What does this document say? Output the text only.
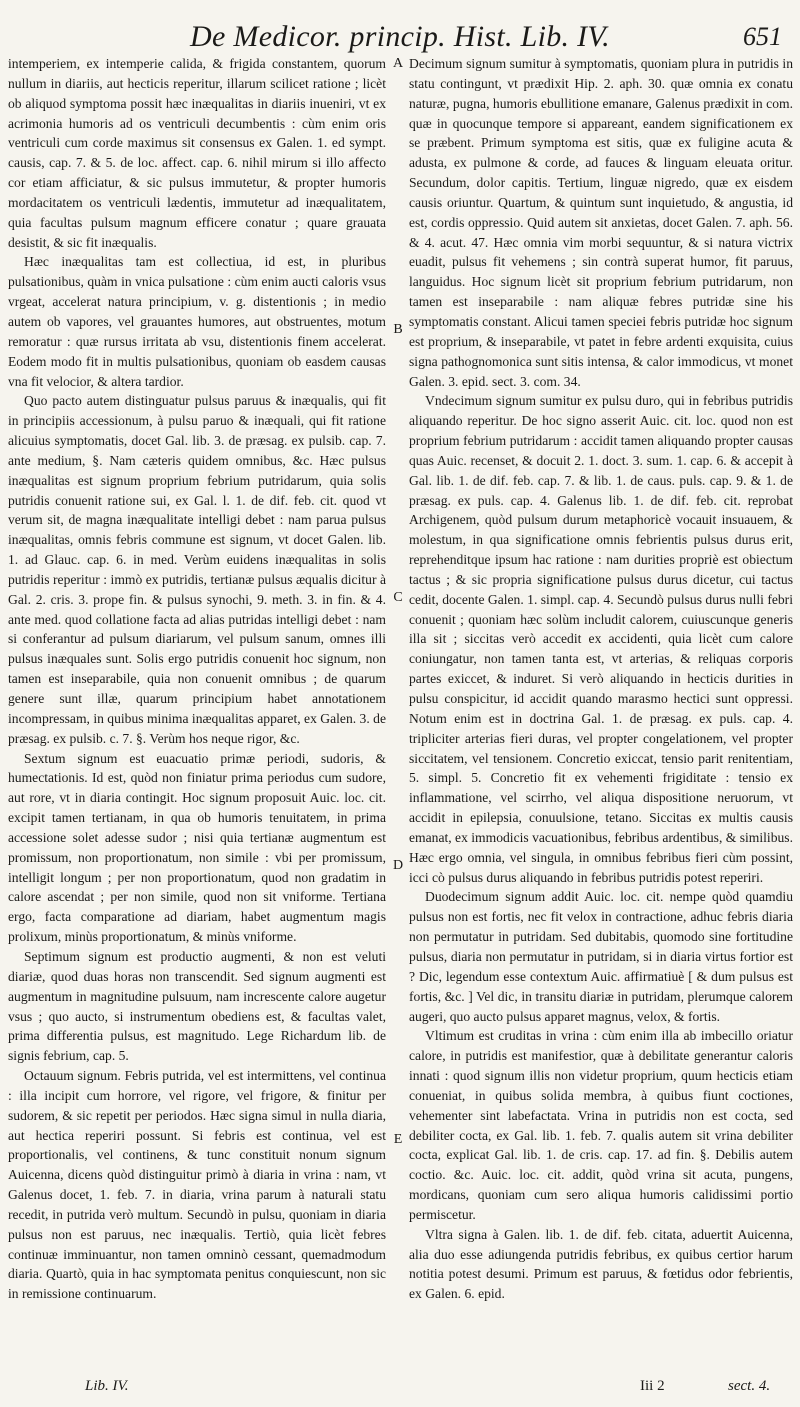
De Medicor. princip. Hist. Lib. IV.	651

intemperiem, ex intemperie calida, & frigida constantem, quorum nullum in diariis, aut hecticis reperitur, illarum scilicet ratione ; licèt ob aliquod symptoma possit hæc inæqualitas in diariis inueniri, vt ex acrimonia humoris ad os ventriculi decumbentis : cùm enim oris ventriculi cum corde maximus sit consensus ex Galen. 1. ed sympt. causis, cap. 7. & 5. de loc. affect. cap. 6. nihil mirum si illo affecto cor etiam afficiatur, & sic pulsus immutetur, & propter humoris mordacitatem os ventriculi lædentis, immutetur ad inæqualitatem, quia facultas pulsum magnum efficere conatur ; quare grauata desistit, & sic fit inæqualis.

Hæc inæqualitas tam est collectiua, id est, in pluribus pulsationibus, quàm in vnica pulsatione : cùm enim aucti caloris vsus vrgeat, accelerat natura principium, v. g. distentionis ; in medio autem ob vapores, vel grauantes humores, aut obstruentes, motum remoratur : quæ rursus irritata ab vsu, distentionis finem accelerat. Eodem modo fit in multis pulsationibus, quoniam ob easdem causas vna fit velocior, & altera tardior.

Quo pacto autem distinguatur pulsus paruus & inæqualis, qui fit in principiis accessionum, à pulsu paruo & inæquali, qui fit ratione alicuius symptomatis, docet Gal. lib. 3. de præsag. ex pulsib. cap. 7. ante medium, §. Nam cæteris quidem omnibus, &c. Hæc pulsus inæqualitas est signum proprium febrium putridarum, quia solis putridis conuenit ratione sui, ex Gal. l. 1. de dif. feb. cit. quod vt verum sit, de magna inæqualitate intelligi debet : nam parua pulsus inæqualitas, omnis febris commune est signum, vt docet Galen. lib. 1. ad Glauc. cap. 6. in med. Verùm euidens inæqualitas in solis putridis reperitur : immò ex putridis, tertianæ pulsus æqualis dicitur à Gal. 2. cris. 3. prope fin. & pulsus synochi, 9. meth. 3. in fin. & 4. ante med. quod collatione facta ad alias putridas intelligi debet : nam si conferantur ad pulsum diariarum, vel pulsum sanum, omnes illi pulsus inæquales sunt. Solis ergo putridis conuenit hoc signum, non tamen est inseparabile, quia non conuenit omnibus ; de quarum genere sunt illæ, quarum principium habet annotationem incompressam, in quibus minima inæqualitas apparet, ex Galen. 3. de præsag. ex pulsib. c. 7. §. Verùm hos neque rigor, &c.

Sextum signum est euacuatio primæ periodi, sudoris, & humectationis. Id est, quòd non finiatur prima periodus cum sudore, aut rore, vt in diaria contingit. Hoc signum proposuit Auic. loc. cit. excipit tamen tertianam, in qua ob humoris tenuitatem, in prima accessione solet adesse sudor ; nisi quia tertianæ augmentum est promissum, non proportionatum, non simile : vbi per promissum, intelligit longum ; per non proportionatum, quod non gradatim in calore ascendat ; per non simile, quod non sit vniforme. Tertiana ergo, facta comparatione ad diariam, habet augmentum magis prolixum, minùs proportionatum, & minùs vniforme.

Septimum signum est productio augmenti, & non est veluti diariæ, quod duas horas non transcendit. Sed signum augmenti est augmentum in magnitudine pulsuum, nam increscente calore augetur vsus ; quo aucto, si instrumentum obediens est, & facultas valet, prima differentia pulsus, est magnitudo. Lege Richardum lib. de signis febrium, cap. 5.

Octauum signum. Febris putrida, vel est intermittens, vel continua : illa incipit cum horrore, vel rigore, vel frigore, & finitur per sudorem, & sic repetit per periodos. Hæc signa simul in nulla diaria, aut hectica reperiri possunt. Si febris est continua, vel est proportionalis, vel continens, & tunc constituit nonum signum Auicenna, dicens quòd distinguitur primò à diaria in vrina : nam, vt Galenus docet, 1. feb. 7. in diaria, vrina parum à naturali statu recedit, in putrida verò multum. Secundò in pulsu, quoniam in diaria pulsus non est paruus, nec inæqualis. Tertiò, quia licèt febres continuæ imminuantur, non tamen omninò cessant, quemadmodum diaria. Quartò, quia in hac symptomata penitus conquiescunt, non sic in remissione continuarum.

A
B
C
D
E

Decimum signum sumitur à symptomatis, quoniam plura in putridis in statu contingunt, vt prædixit Hip. 2. aph. 30. quæ omnia ex conatu naturæ, pugna, humoris ebullitione emanare, Galenus prædixit in com. quæ in quocunque tempore si appareant, eandem significationem ex se præbent. Primum symptoma est sitis, quæ ex fuligine acuta & adusta, ex pulmone & corde, ad fauces & linguam eleuata oritur. Secundum, dolor capitis. Tertium, linguæ nigredo, quæ ex eisdem causis oriuntur. Quartum, & quintum sunt inquietudo, & angustia, id est, cordis oppressio. Quid autem sit anxietas, docet Galen. 7. aph. 56. & 4. acut. 47. Hæc omnia vim morbi sequuntur, & si natura victrix euadit, pulsus fit vehemens ; sin contrà superat humor, fit paruus, languidus. Hoc signum licèt sit proprium febrium putridarum, non tamen est inseparabile : nam aliquæ febres putridæ sine his symptomatis constant. Alicui tamen speciei febris putridæ hoc signum est proprium, & inseparabile, vt patet in febre ardenti exquisita, cuius signa pathognomonica sunt sitis intensa, & calor immodicus, vt monet Galen. 3. epid. sect. 3. com. 34.

Vndecimum signum sumitur ex pulsu duro, qui in febribus putridis aliquando reperitur. De hoc signo asserit Auic. cit. loc. quod non est proprium febrium putridarum : accidit tamen aliquando propter causas quas Auic. recenset, & docuit 2. 1. doct. 3. sum. 1. cap. 6. & accepit à Gal. lib. 1. de dif. feb. cap. 7. & lib. 1. de caus. puls. cap. 9. & 1. de præsag. ex puls. cap. 4. Galenus lib. 1. de dif. feb. cit. reprobat Archigenem, quòd pulsum durum metaphoricè vocauit insuauem, & molestum, in qua significatione omnis febrientis pulsus durus erit, reprehenditque ipsum hac ratione : nam durities propriè est obiectum tactus ; & sic propria significatione pulsus durus dicetur, cui tactus cedit, docente Galen. 1. simpl. cap. 4. Secundò pulsus durus nulli febri conuenit ; quoniam hæc solùm includit calorem, cuiuscunque generis illa sit ; siccitas verò accedit ex accidenti, quia licèt cum calore coniungatur, non tamen tanta est, vt arterias, & reliquas corporis partes exiccet, & induret. Si verò aliquando in hecticis durities in pulsu conspicitur, id accidit quando marasmo hectici sunt oppressi. Notum enim est in doctrina Gal. 1. de præsag. ex puls. cap. 4. tripliciter arterias fieri duras, vel propter congelationem, vel propter siccitatem, vel tensionem. Concretio exiccat, tensio parit renitentiam, 5. simpl. 5. Concretio fit ex vehementi frigiditate : tensio ex inflammatione, vel scirrho, vel aliqua dispositione neruorum, vt accidit in epilepsia, conuulsione, tetano. Siccitas ex multis causis emanat, ex immodicis vacuationibus, febribus ardentibus, & similibus. Hæc ergo omnia, vel singula, in omnibus febribus fieri cùm possint, icci cò pulsus durus aliquando in febribus putridis potest reperiri.

Duodecimum signum addit Auic. loc. cit. nempe quòd quamdiu pulsus non est fortis, nec fit velox in contractione, adhuc febris diaria non permutatur in putridam. Sed dubitabis, quomodo sine fortitudine pulsus, diaria non permutatur in putridam, si in diaria virtus fortior est ? Dic, legendum esse contextum Auic. affirmatiuè [ & dum pulsus est fortis, &c. ] Vel dic, in transitu diariæ in putridam, plerumque calorem augeri, quo aucto pulsus apparet magnus, velox, & fortis.

Vltimum est cruditas in vrina : cùm enim illa ab imbecillo oriatur calore, in putridis est manifestior, quæ à debilitate generantur caloris innati : quod signum illis non videtur proprium, quum hecticis etiam conueniat, in quibus solida membra, à quibus fiunt coctiones, vehementer sint labefactata. Vrina in putridis non est cocta, sed debiliter cocta, ex Gal. lib. 1. feb. 7. qualis autem sit vrina debiliter cocta, explicat Gal. lib. 1. de cris. cap. 17. ad fin. §. Debilis autem coctio. &c. Auic. loc. cit. addit, quòd vrina sit acuta, pungens, mordicans, quoniam cum sero aliqua humoris calidissimi portio permiscetur.

Vltra signa à Galen. lib. 1. de dif. feb. citata, aduertit Auicenna, alia duo esse adiungenda putridis febribus, ex quibus certior harum notitia potest desumi. Primum est paruus, & fœtidus odor febrientis, ex Galen. 6. epid.

Lib. IV.	Iii 2	sect. 4.
